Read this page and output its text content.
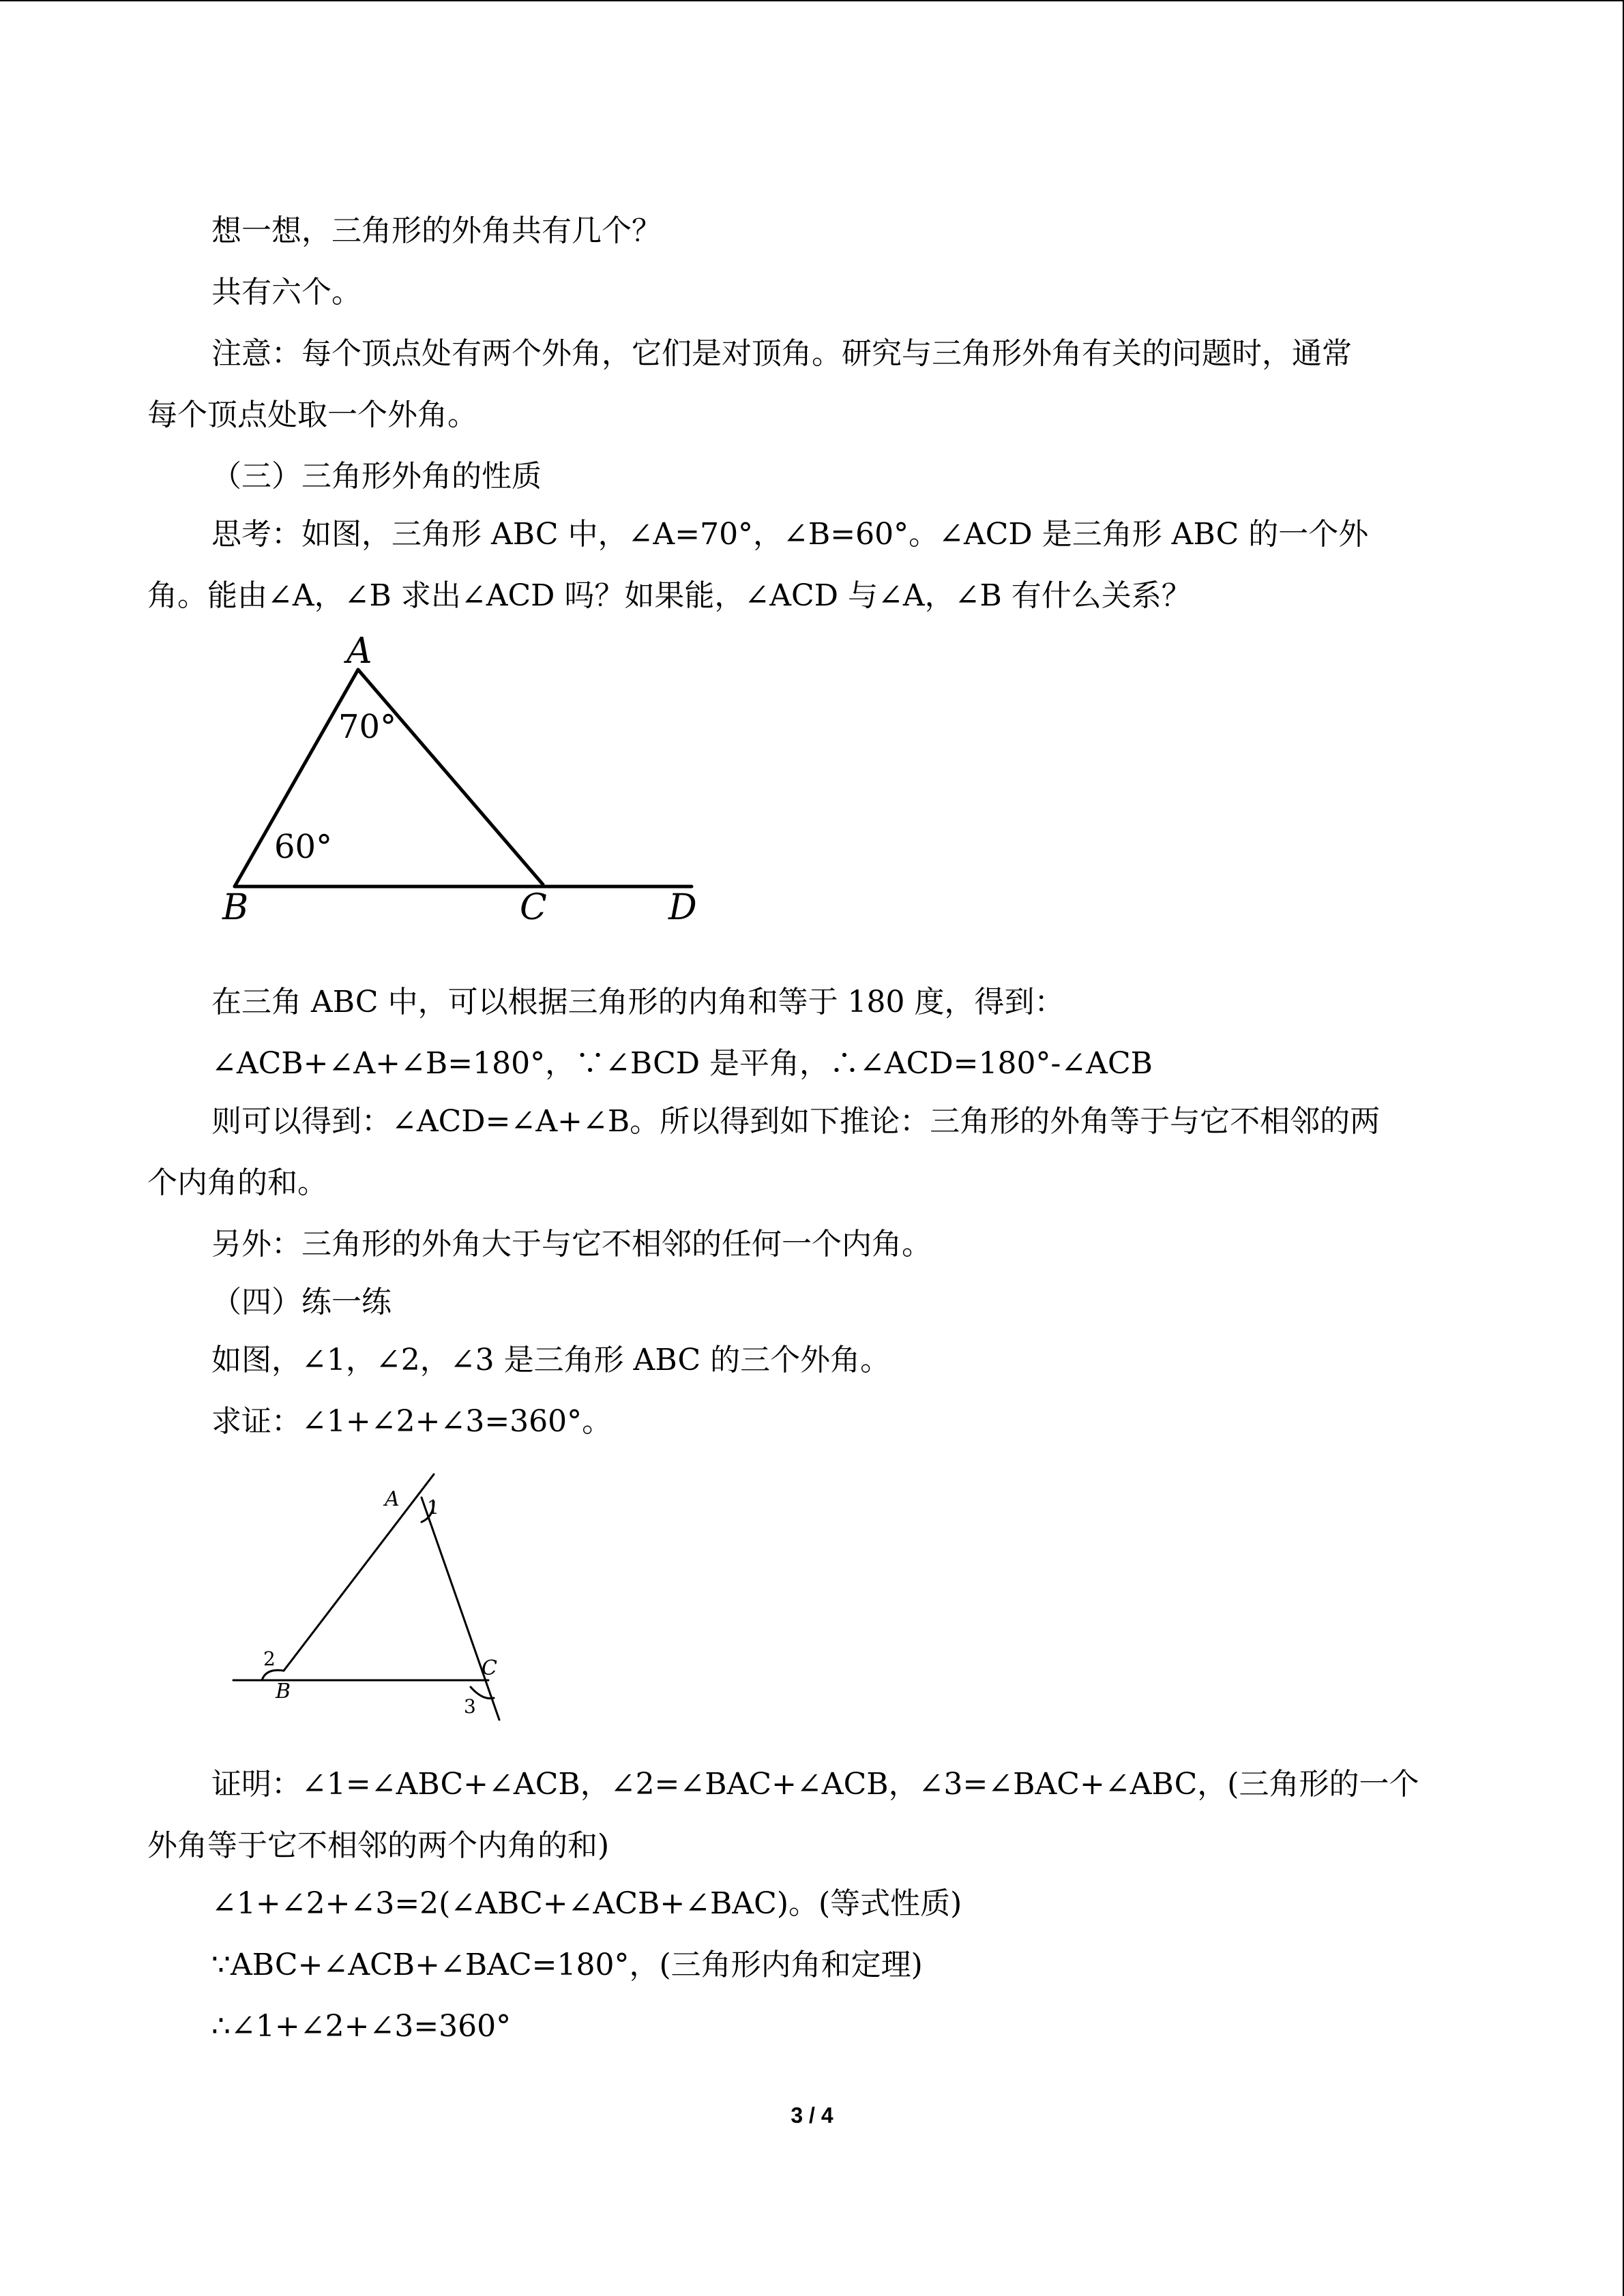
想一想，三角形的外角共有几个？
共有六个。
注意：每个顶点处有两个外角，它们是对顶角。研究与三角形外角有关的问题时，通常
每个顶点处取一个外角。
（三）三角形外角的性质
思考：如图，三角形 ABC 中，∠A=70°，∠B=60°。∠ACD 是三角形 ABC 的一个外
角。能由∠A，∠B 求出∠ACD 吗？如果能，∠ACD 与∠A，∠B 有什么关系？
A
B	C	D
70°
60°
在三角 ABC 中，可以根据三角形的内角和等于 180 度，得到：
∠ACB+∠A+∠B=180°，∵∠BCD 是平角，∴∠ACD=180°-∠ACB
则可以得到：∠ACD=∠A+∠B。所以得到如下推论：三角形的外角等于与它不相邻的两
个内角的和。
另外：三角形的外角大于与它不相邻的任何一个内角。
（四）练一练
如图，∠1，∠2，∠3 是三角形 ABC 的三个外角。
求证：∠1+∠2+∠3=360°。
A
B
C
1
2
3
证明：∠1=∠ABC+∠ACB，∠2=∠BAC+∠ACB，∠3=∠BAC+∠ABC，(三角形的一个
外角等于它不相邻的两个内角的和)
∠1+∠2+∠3=2(∠ABC+∠ACB+∠BAC)。(等式性质)
∵ABC+∠ACB+∠BAC=180°，(三角形内角和定理)
∴∠1+∠2+∠3=360°
3 / 4
